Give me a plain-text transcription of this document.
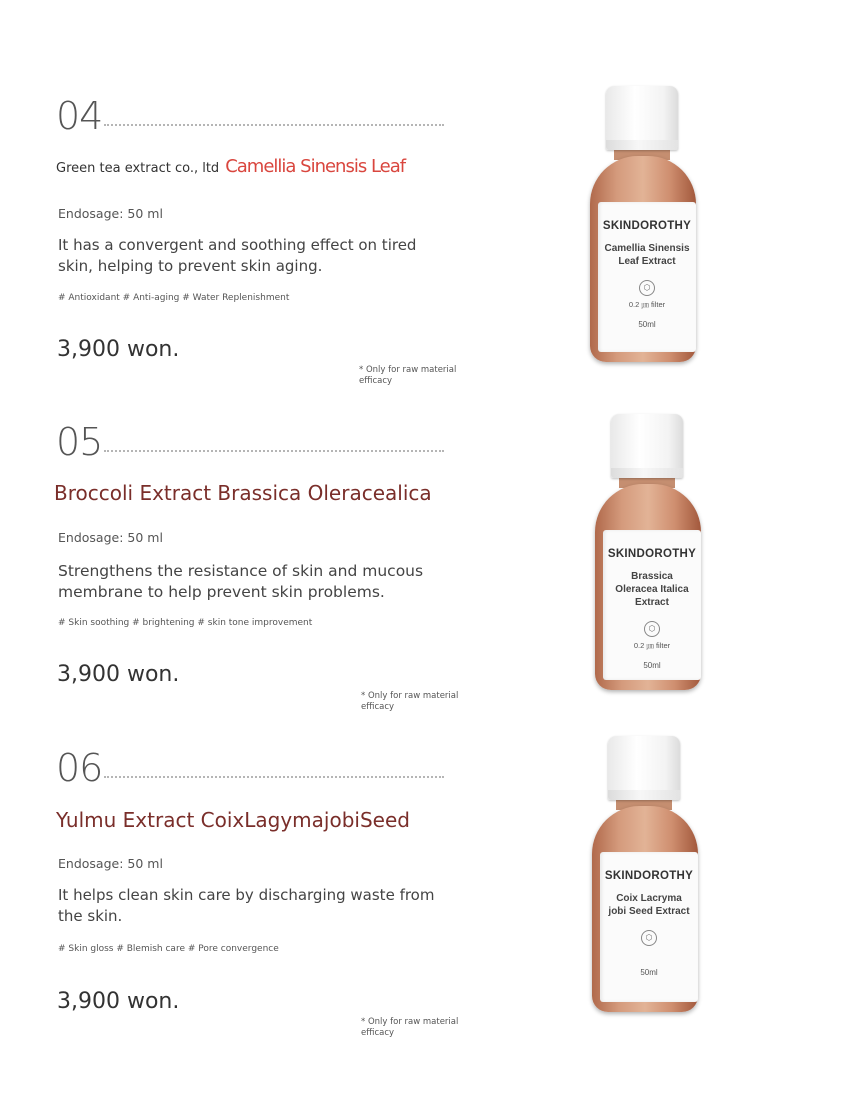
04
Green tea extract co., ltd Camellia Sinensis Leaf
Endosage: 50 ml
It has a convergent and soothing effect on tired skin, helping to prevent skin aging.
# Antioxidant # Anti-aging # Water Replenishment
3,900 won.
* Only for raw material efficacy
SKINDOROTHY
Camellia Sinensis Leaf Extract
⬡
0.2 ㎛ filter
50ml
05
Broccoli Extract Brassica Oleracealica
Endosage: 50 ml
Strengthens the resistance of skin and mucous membrane to help prevent skin problems.
# Skin soothing # brightening # skin tone improvement
3,900 won.
* Only for raw material efficacy
SKINDOROTHY
Brassica Oleracea Italica Extract
⬡
0.2 ㎛ filter
50ml
06
Yulmu Extract CoixLagymajobiSeed
Endosage: 50 ml
It helps clean skin care by discharging waste from the skin.
# Skin gloss # Blemish care # Pore convergence
3,900 won.
* Only for raw material efficacy
SKINDOROTHY
Coix Lacryma jobi Seed Extract
⬡

50ml
